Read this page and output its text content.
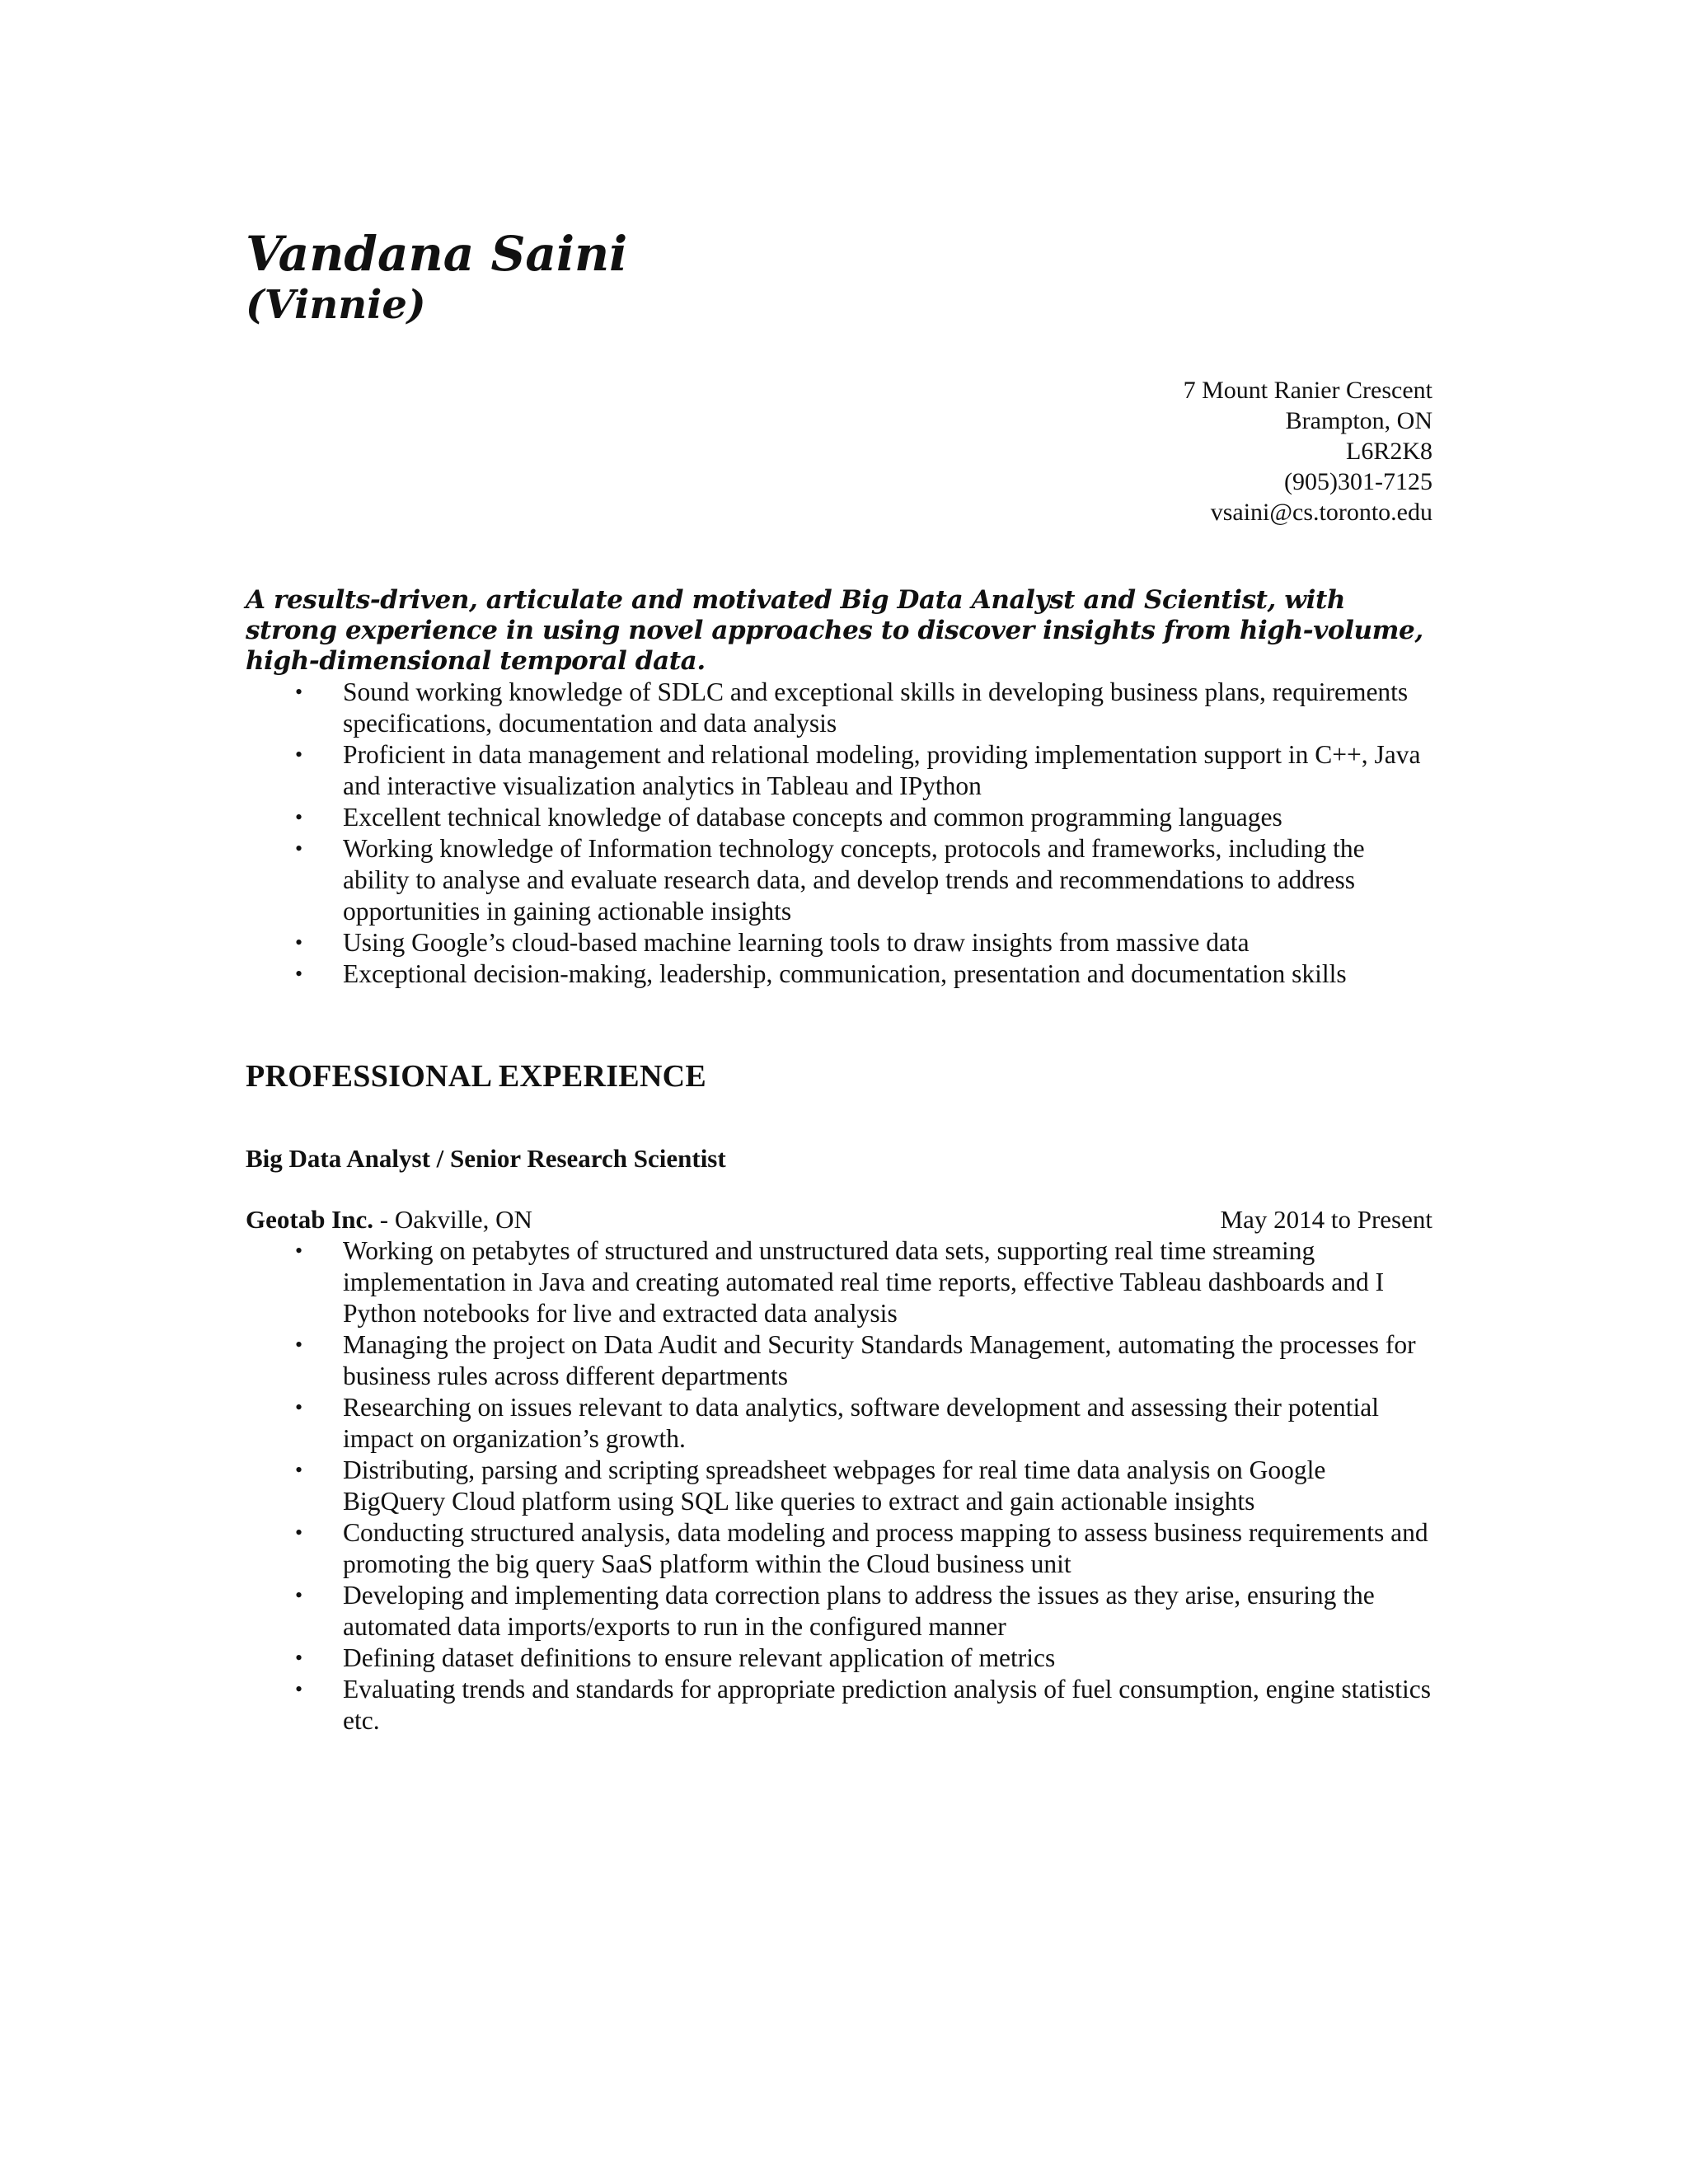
Vandana Saini
(Vinnie)
7 Mount Ranier Crescent
Brampton, ON
L6R2K8
(905)301-7125
vsaini@cs.toronto.edu
A results-driven, articulate and motivated Big Data Analyst and Scientist, with strong experience in using novel approaches to discover insights from high-volume, high-dimensional temporal data.
• Sound working knowledge of SDLC and exceptional skills in developing business plans, requirements specifications, documentation and data analysis
• Proficient in data management and relational modeling, providing implementation support in C++, Java and interactive visualization analytics in Tableau and IPython
• Excellent technical knowledge of database concepts and common programming languages
• Working knowledge of Information technology concepts, protocols and frameworks, including the ability to analyse and evaluate research data, and develop trends and recommendations to address opportunities in gaining actionable insights
• Using Google’s cloud-based machine learning tools to draw insights from massive data
• Exceptional decision-making, leadership, communication, presentation and documentation skills
PROFESSIONAL EXPERIENCE
Big Data Analyst / Senior Research Scientist
Geotab Inc. - Oakville, ON	May 2014 to Present
• Working on petabytes of structured and unstructured data sets, supporting real time streaming implementation in Java and creating automated real time reports, effective Tableau dashboards and I Python notebooks for live and extracted data analysis
• Managing the project on Data Audit and Security Standards Management, automating the processes for business rules across different departments
• Researching on issues relevant to data analytics, software development and assessing their potential impact on organization’s growth.
• Distributing, parsing and scripting spreadsheet webpages for real time data analysis on Google BigQuery Cloud platform using SQL like queries to extract and gain actionable insights
• Conducting structured analysis, data modeling and process mapping to assess business requirements and promoting the big query SaaS platform within the Cloud business unit
• Developing and implementing data correction plans to address the issues as they arise, ensuring the automated data imports/exports to run in the configured manner
• Defining dataset definitions to ensure relevant application of metrics
• Evaluating trends and standards for appropriate prediction analysis of fuel consumption, engine statistics etc.
